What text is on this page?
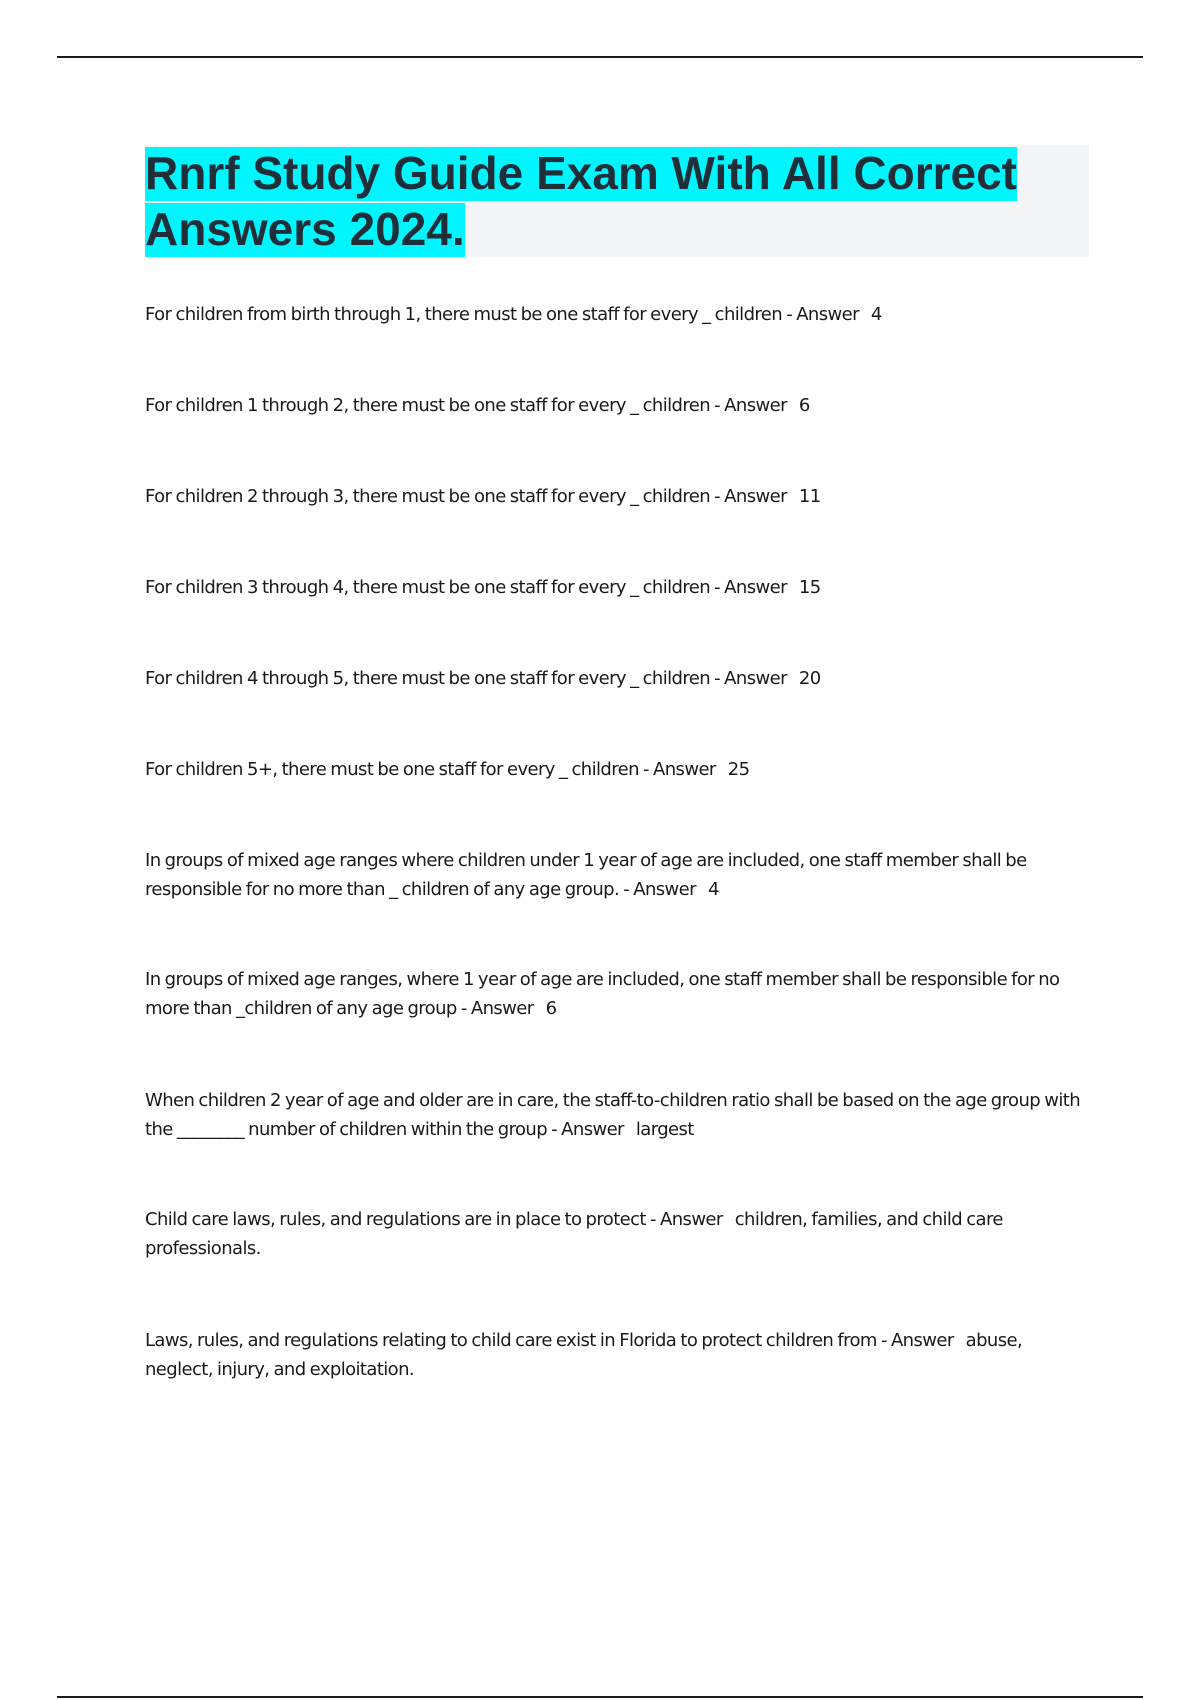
Rnrf Study Guide Exam With All Correct Answers 2024.

For children from birth through 1, there must be one staff for every _ children - Answer 4

For children 1 through 2, there must be one staff for every _ children - Answer 6

For children 2 through 3, there must be one staff for every _ children - Answer 11

For children 3 through 4, there must be one staff for every _ children - Answer 15

For children 4 through 5, there must be one staff for every _ children - Answer 20

For children 5+, there must be one staff for every _ children - Answer 25

In groups of mixed age ranges where children under 1 year of age are included, one staff member shall be responsible for no more than _ children of any age group. - Answer 4

In groups of mixed age ranges, where 1 year of age are included, one staff member shall be responsible for no more than _children of any age group - Answer 6

When children 2 year of age and older are in care, the staff-to-children ratio shall be based on the age group with the ________ number of children within the group - Answer largest

Child care laws, rules, and regulations are in place to protect - Answer children, families, and child care professionals.

Laws, rules, and regulations relating to child care exist in Florida to protect children from - Answer abuse, neglect, injury, and exploitation.
